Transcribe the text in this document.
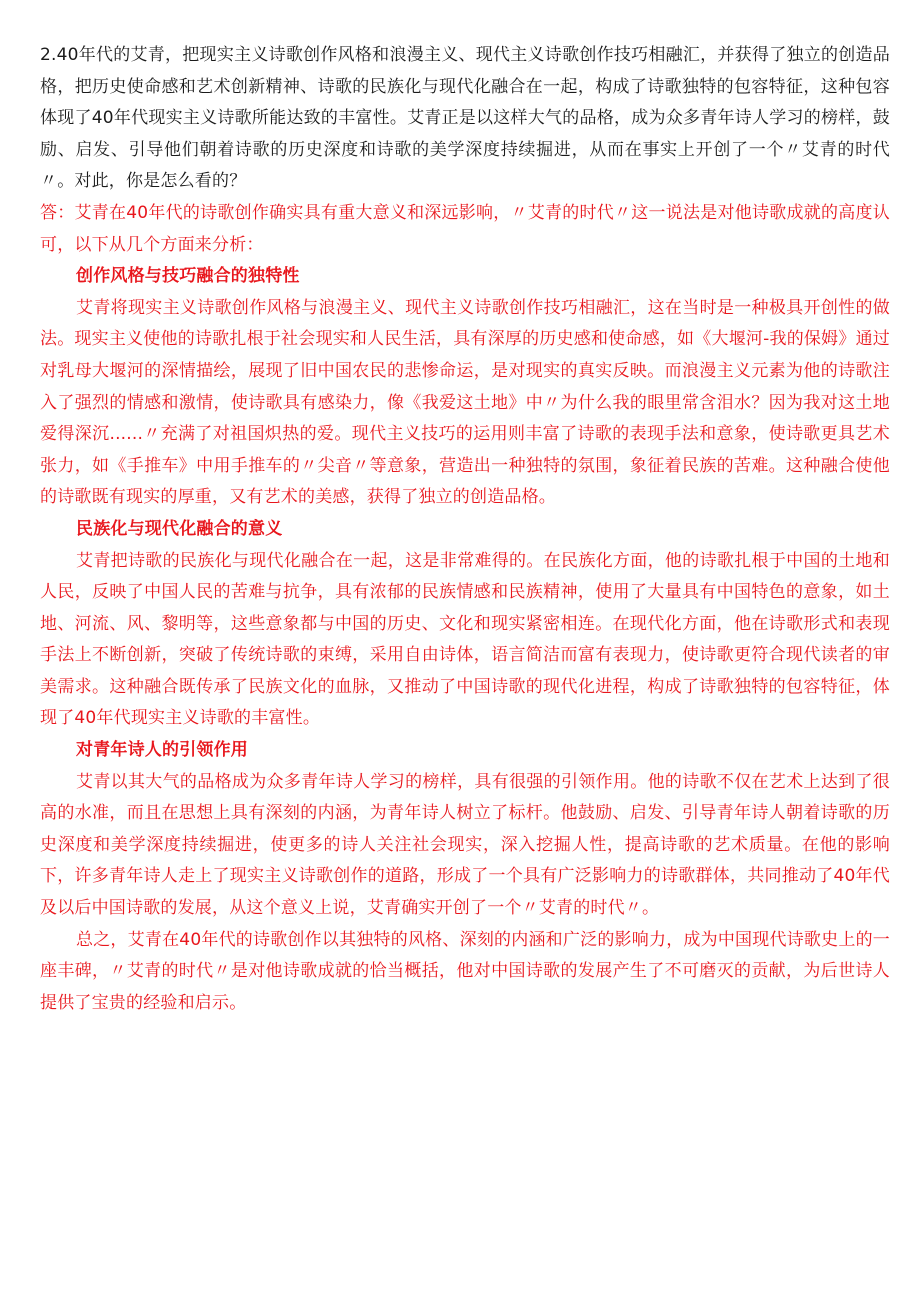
2.40年代的艾青，把现实主义诗歌创作风格和浪漫主义、现代主义诗歌创作技巧相融汇，并获得了独立的创造品格，把历史使命感和艺术创新精神、诗歌的民族化与现代化融合在一起，构成了诗歌独特的包容特征，这种包容体现了40年代现实主义诗歌所能达致的丰富性。艾青正是以这样大气的品格，成为众多青年诗人学习的榜样，鼓励、启发、引导他们朝着诗歌的历史深度和诗歌的美学深度持续掘进，从而在事实上开创了一个〃艾青的时代〃。对此，你是怎么看的？

答：艾青在40年代的诗歌创作确实具有重大意义和深远影响，〃艾青的时代〃这一说法是对他诗歌成就的高度认可，以下从几个方面来分析：

创作风格与技巧融合的独特性

艾青将现实主义诗歌创作风格与浪漫主义、现代主义诗歌创作技巧相融汇，这在当时是一种极具开创性的做法。现实主义使他的诗歌扎根于社会现实和人民生活，具有深厚的历史感和使命感，如《大堰河-我的保姆》通过对乳母大堰河的深情描绘，展现了旧中国农民的悲惨命运，是对现实的真实反映。而浪漫主义元素为他的诗歌注入了强烈的情感和激情，使诗歌具有感染力，像《我爱这土地》中〃为什么我的眼里常含泪水？因为我对这土地爱得深沉......〃充满了对祖国炽热的爱。现代主义技巧的运用则丰富了诗歌的表现手法和意象，使诗歌更具艺术张力，如《手推车》中用手推车的〃尖音〃等意象，营造出一种独特的氛围，象征着民族的苦难。这种融合使他的诗歌既有现实的厚重，又有艺术的美感，获得了独立的创造品格。

民族化与现代化融合的意义

艾青把诗歌的民族化与现代化融合在一起，这是非常难得的。在民族化方面，他的诗歌扎根于中国的土地和人民，反映了中国人民的苦难与抗争，具有浓郁的民族情感和民族精神，使用了大量具有中国特色的意象，如土地、河流、风、黎明等，这些意象都与中国的历史、文化和现实紧密相连。在现代化方面，他在诗歌形式和表现手法上不断创新，突破了传统诗歌的束缚，采用自由诗体，语言简洁而富有表现力，使诗歌更符合现代读者的审美需求。这种融合既传承了民族文化的血脉，又推动了中国诗歌的现代化进程，构成了诗歌独特的包容特征，体现了40年代现实主义诗歌的丰富性。

对青年诗人的引领作用

艾青以其大气的品格成为众多青年诗人学习的榜样，具有很强的引领作用。他的诗歌不仅在艺术上达到了很高的水准，而且在思想上具有深刻的内涵，为青年诗人树立了标杆。他鼓励、启发、引导青年诗人朝着诗歌的历史深度和美学深度持续掘进，使更多的诗人关注社会现实，深入挖掘人性，提高诗歌的艺术质量。在他的影响下，许多青年诗人走上了现实主义诗歌创作的道路，形成了一个具有广泛影响力的诗歌群体，共同推动了40年代及以后中国诗歌的发展，从这个意义上说，艾青确实开创了一个〃艾青的时代〃。

总之，艾青在40年代的诗歌创作以其独特的风格、深刻的内涵和广泛的影响力，成为中国现代诗歌史上的一座丰碑，〃艾青的时代〃是对他诗歌成就的恰当概括，他对中国诗歌的发展产生了不可磨灭的贡献，为后世诗人提供了宝贵的经验和启示。
